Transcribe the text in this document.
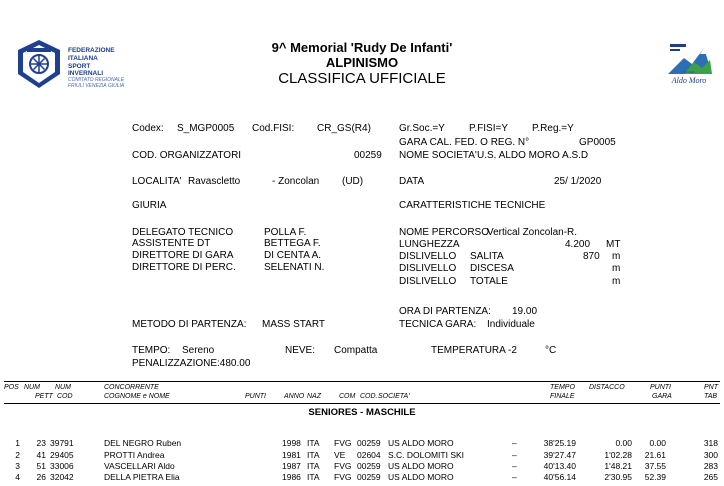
FEDERAZIONE
ITALIANA
SPORT
INVERNALI
COMITATO REGIONALE
FRIULI VENEZIA GIULIA
Sci Club
Aldo Moro
9^ Memorial 'Rudy De Infanti'
ALPINISMO
CLASSIFICA UFFICIALE
Codex: S_MGP0005 Cod.FISI: CR_GS(R4)
COD. ORGANIZZATORI	00259
LOCALITA' Ravascletto	- Zoncolan (UD)
GIURIA
DELEGATO TECNICO	POLLA F.
ASSISTENTE DT	BETTEGA F.
DIRETTORE DI GARA	DI CENTA A.
DIRETTORE DI PERC.	SELENATI N.
METODO DI PARTENZA: MASS START
Gr.Soc.=Y P.FISI=Y P.Reg.=Y
GARA CAL. FED. O REG. N°	GP0005
NOME SOCIETA' U.S. ALDO MORO A.S.D
DATA	25/ 1/2020
CARATTERISTICHE TECNICHE
NOME PERCORSO
Vertical Zoncolan-R.
LUNGHEZZA	4.200 MT
DISLIVELLO SALITA	870 m
DISLIVELLO DISCESA	m
DISLIVELLO TOTALE	m
ORA DI PARTENZA: 19.00
TECNICA GARA: Individuale
TEMPO: Sereno	NEVE: Compatta	TEMPERATURA -2	°C
PENALIZZAZIONE:480.00
POS NUM
PETT
NUM
COD
CONCORRENTE
COGNOME e NOME	PUNTI	ANNO NAZ	COM COD. SOCIETA'
TEMPO
FINALE
DISTACCO	PUNTI
GARA
PNT
TAB
SENIORES - MASCHILE
1	23 39791	DEL NEGRO Ruben	1998 ITA FVG 00259 US ALDO MORO	–	38'25.19	0.00	0.00	318
2	41 29405	PROTTI Andrea	1981 ITA VE 02604 S.C. DOLOMITI SKI	–	39'27.47	1'02.28	21.61	300
3	51 33006	VASCELLARI Aldo	1987 ITA FVG 00259 US ALDO MORO	–	40'13.40	1'48.21	37.55	283
4	26 32042	DELLA PIETRA Elia	1986 ITA FVG 00259 US ALDO MORO	–	40'56.14	2'30.95	52.39	265
